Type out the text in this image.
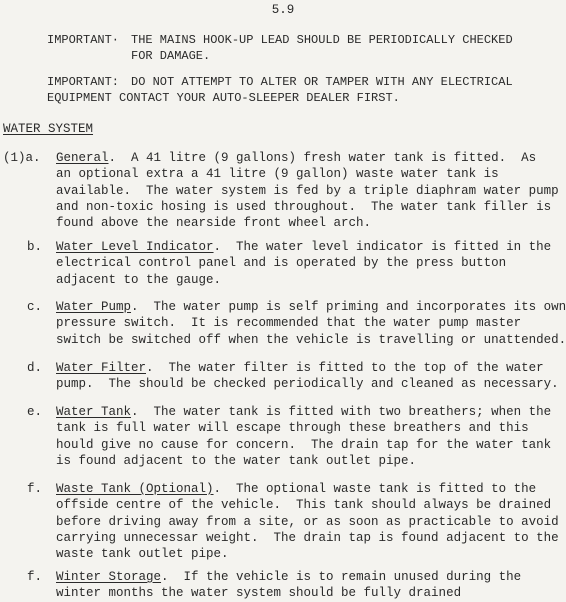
5.9

IMPORTANT· THE MAINS HOOK-UP LEAD SHOULD BE PERIODICALLY CHECKED
FOR DAMAGE.
IMPORTANT: DO NOT ATTEMPT TO ALTER OR TAMPER WITH ANY ELECTRICAL
EQUIPMENT CONTACT YOUR AUTO-SLEEPER DEALER FIRST.
WATER SYSTEM
(1)a. General.  A 41 litre (9 gallons) fresh water tank is fitted.  As
an optional extra a 41 litre (9 gallon) waste water tank is
available.  The water system is fed by a triple diaphram water pump
and non-toxic hosing is used throughout.  The water tank filler is
found above the nearside front wheel arch.

b. Water Level Indicator.  The water level indicator is fitted in the
electrical control panel and is operated by the press button
adjacent to the gauge.

c. Water Pump.  The water pump is self priming and incorporates its own
pressure switch.  It is recommended that the water pump master
switch be switched off when the vehicle is travelling or unattended.

d. Water Filter.  The water filter is fitted to the top of the water
pump.  The should be checked periodically and cleaned as necessary.

e. Water Tank.  The water tank is fitted with two breathers; when the
tank is full water will escape through these breathers and this
hould give no cause for concern.  The drain tap for the water tank
is found adjacent to the water tank outlet pipe.

f. Waste Tank (Optional).  The optional waste tank is fitted to the
offside centre of the vehicle.  This tank should always be drained
before driving away from a site, or as soon as practicable to avoid
carrying unnecessar weight.  The drain tap is found adjacent to the
waste tank outlet pipe.

f. Winter Storage.  If the vehicle is to remain unused during the
winter months the water system should be fully drained
